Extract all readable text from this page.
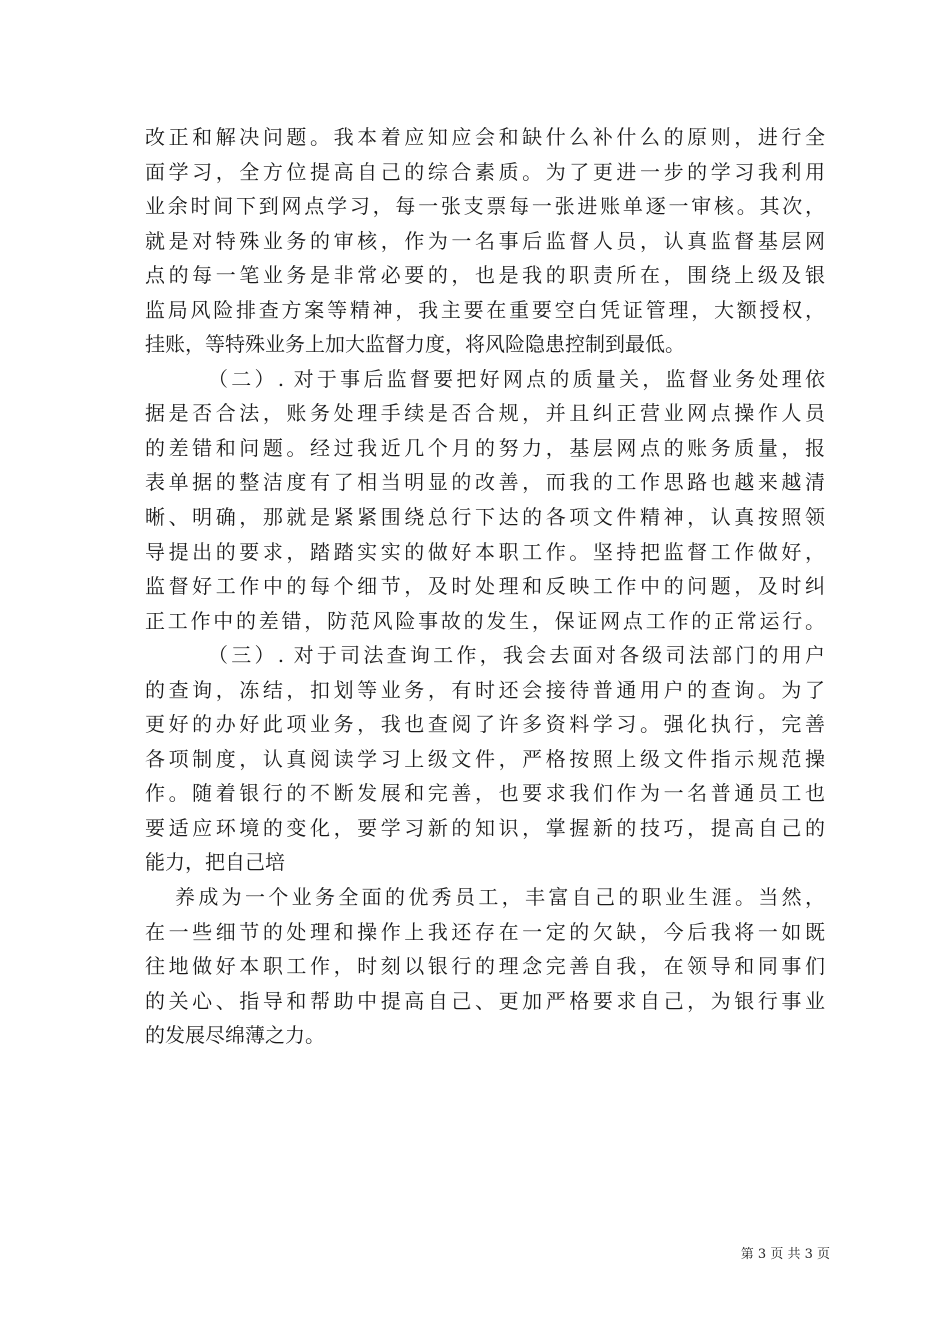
改正和解决问题。我本着应知应会和缺什么补什么的原则，进行全
面学习，全方位提高自己的综合素质。为了更进一步的学习我利用
业余时间下到网点学习，每一张支票每一张进账单逐一审核。其次，
就是对特殊业务的审核，作为一名事后监督人员，认真监督基层网
点的每一笔业务是非常必要的，也是我的职责所在，围绕上级及银
监局风险排查方案等精神，我主要在重要空白凭证管理，大额授权，
挂账，等特殊业务上加大监督力度，将风险隐患控制到最低。
（二）. 对于事后监督要把好网点的质量关，监督业务处理依
据是否合法，账务处理手续是否合规，并且纠正营业网点操作人员
的差错和问题。经过我近几个月的努力，基层网点的账务质量，报
表单据的整洁度有了相当明显的改善，而我的工作思路也越来越清
晰、明确，那就是紧紧围绕总行下达的各项文件精神，认真按照领
导提出的要求，踏踏实实的做好本职工作。坚持把监督工作做好，
监督好工作中的每个细节，及时处理和反映工作中的问题，及时纠
正工作中的差错，防范风险事故的发生，保证网点工作的正常运行。
（三）. 对于司法查询工作，我会去面对各级司法部门的用户
的查询，冻结，扣划等业务，有时还会接待普通用户的查询。为了
更好的办好此项业务，我也查阅了许多资料学习。强化执行，完善
各项制度，认真阅读学习上级文件，严格按照上级文件指示规范操
作。随着银行的不断发展和完善，也要求我们作为一名普通员工也
要适应环境的变化，要学习新的知识，掌握新的技巧，提高自己的
能力，把自己培
养成为一个业务全面的优秀员工，丰富自己的职业生涯。当然，
在一些细节的处理和操作上我还存在一定的欠缺，今后我将一如既
往地做好本职工作，时刻以银行的理念完善自我，在领导和同事们
的关心、指导和帮助中提高自己、更加严格要求自己，为银行事业
的发展尽绵薄之力。
第 3 页 共 3 页
